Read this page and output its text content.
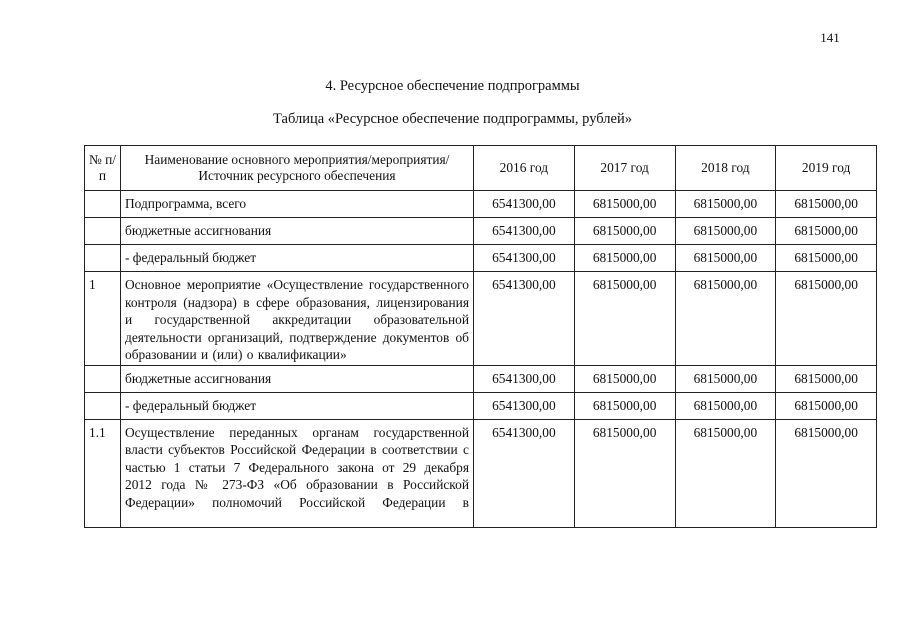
141
4. Ресурсное обеспечение подпрограммы
Таблица «Ресурсное обеспечение подпрограммы, рублей»
№ п/п	Наименование основного мероприятия/мероприятия/ Источник ресурсного обеспечения	2016 год	2017 год	2018 год	2019 год
	Подпрограмма, всего	6541300,00	6815000,00	6815000,00	6815000,00
	бюджетные ассигнования	6541300,00	6815000,00	6815000,00	6815000,00
	- федеральный бюджет	6541300,00	6815000,00	6815000,00	6815000,00
1	Основное мероприятие «Осуществление государственного контроля (надзора) в сфере образования, лицензирования и государственной аккредитации образовательной деятельности организаций, подтверждение документов об образовании и (или) о квалификации»	6541300,00	6815000,00	6815000,00	6815000,00
	бюджетные ассигнования	6541300,00	6815000,00	6815000,00	6815000,00
	- федеральный бюджет	6541300,00	6815000,00	6815000,00	6815000,00
1.1	Осуществление переданных органам государственной власти субъектов Российской Федерации в соответствии с частью 1 статьи 7 Федерального закона от 29 декабря 2012 года № 273-ФЗ «Об образовании в Российской Федерации» полномочий Российской Федерации в	6541300,00	6815000,00	6815000,00	6815000,00
